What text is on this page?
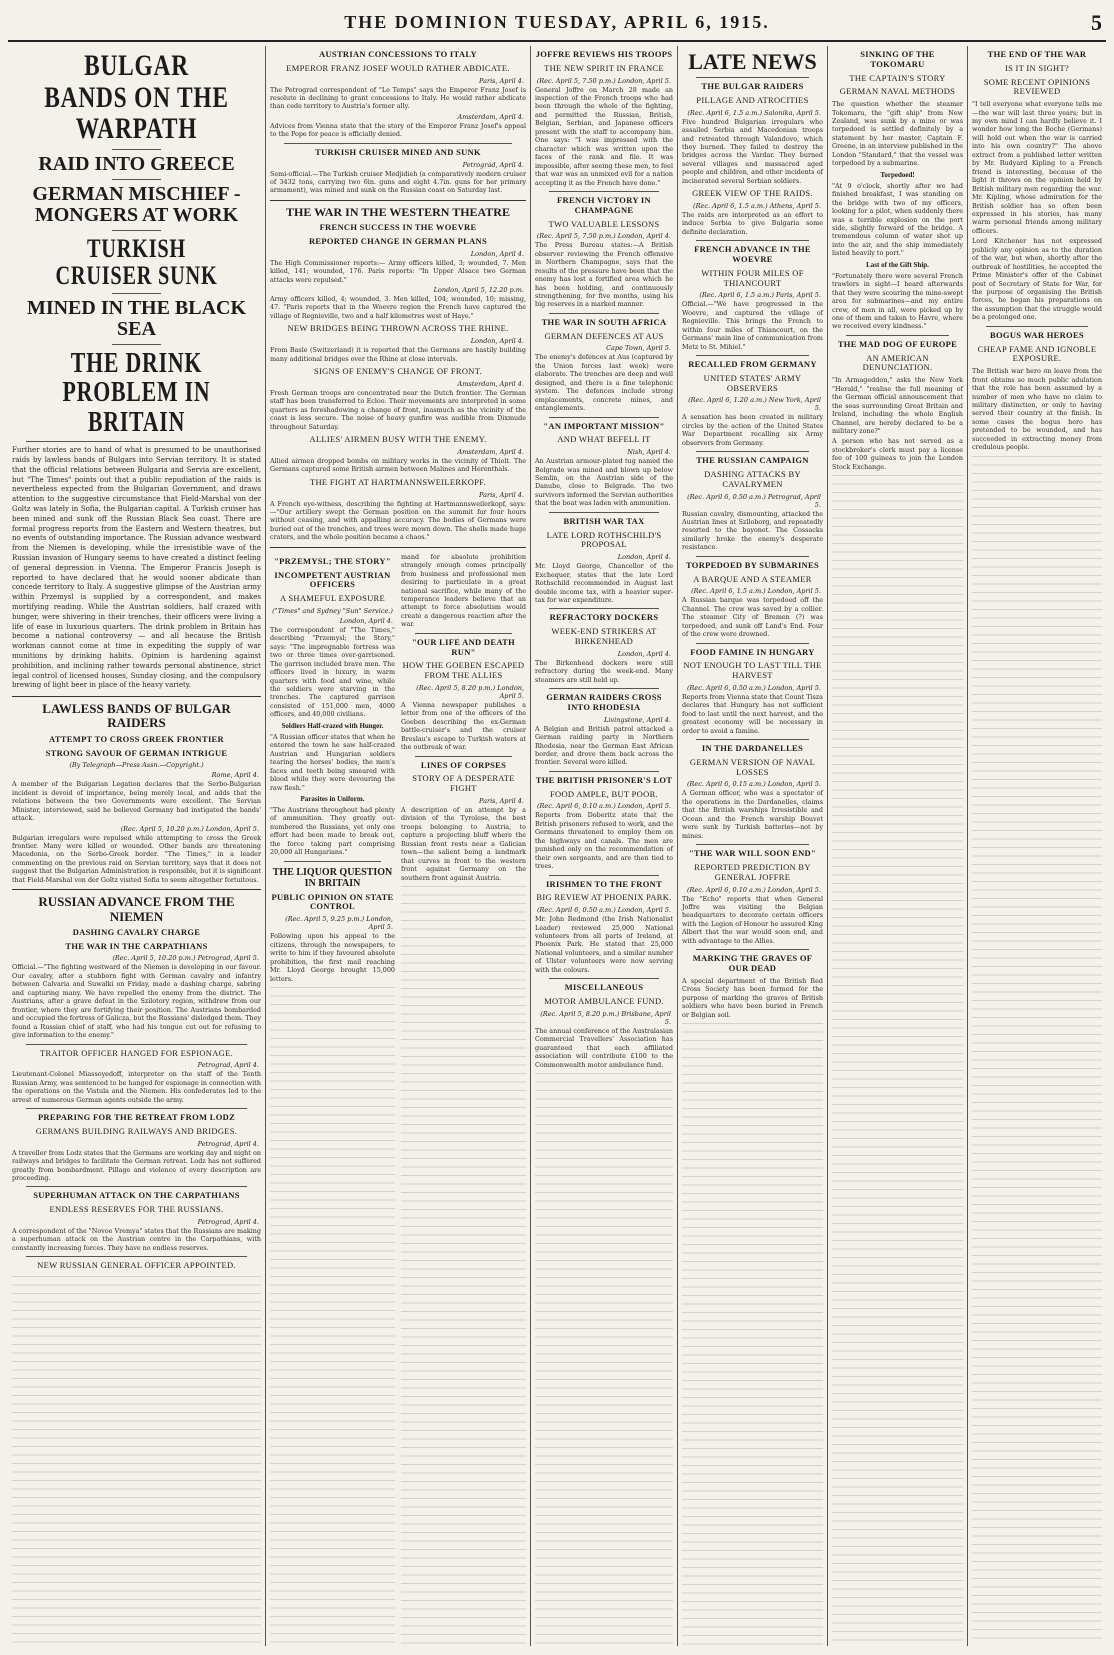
THE DOMINION TUESDAY, APRIL 6, 1915.	5
BULGAR BANDS ON THE WARPATH
RAID INTO GREECE
GERMAN MISCHIEF - MONGERS AT WORK
TURKISH CRUISER SUNK
MINED IN THE BLACK SEA
THE DRINK PROBLEM IN BRITAIN
Further stories are to hand of what is presumed to be unauthorised raids by lawless bands of Bulgars into Servian territory. It is stated that the official relations between Bulgaria and Servia are excellent, but "The Times" points out that a public repudiation of the raids is nevertheless expected from the Bulgarian Government, and draws attention to the suggestive circumstance that Field-Marshal von der Goltz was lately in Sofia, the Bulgarian capital. A Turkish cruiser has been mined and sunk off the Russian Black Sea coast. There are formal progress reports from the Eastern and Western theatres, but no events of outstanding importance. The Russian advance westward from the Niemen is developing, while the irresistible wave of the Russian invasion of Hungary seems to have created a distinct feeling of general depression in Vienna. The Emperor Francis Joseph is reported to have declared that he would sooner abdicate than concede territory to Italy. A suggestive glimpse of the Austrian army within Przemysl is supplied by a correspondent, and makes mortifying reading. While the Austrian soldiers, half crazed with hunger, were shivering in their trenches, their officers were living a life of ease in luxurious quarters. The drink problem in Britain has become a national controversy — and all because the British workman cannot come at time in expediting the supply of war munitions by drinking habits. Opinion is hardening against prohibition, and inclining rather towards personal abstinence, strict legal control of licensed houses, Sunday closing, and the compulsory brewing of light beer in place of the heavy variety.
LAWLESS BANDS OF BULGAR RAIDERS
ATTEMPT TO CROSS GREEK FRONTIER
STRONG SAVOUR OF GERMAN INTRIGUE
(By Telegraph—Press Assn.—Copyright.)
Rome, April 4.
A member of the Bulgarian Legation declares that the Serbo-Bulgarian incident is devoid of importance, being merely local, and adds that the relations between the two Governments were excellent. The Servian Minister, interviewed, said he believed Germany had instigated the bands' attack.
(Rec. April 5, 10.20 p.m.) London, April 5.
Bulgarian irregulars were repulsed while attempting to cross the Greek frontier. Many were killed or wounded. Other bands are threatening Macedonia, on the Serbo-Greek border. "The Times," in a leader commenting on the previous raid on Servian territory, says that it does not suggest that the Bulgarian Administration is responsible, but it is significant that Field-Marshal von der Goltz visited Sofia to seem altogether fortuitous.
RUSSIAN ADVANCE FROM THE NIEMEN
DASHING CAVALRY CHARGE
THE WAR IN THE CARPATHIANS
(Rec. April 5, 10.20 p.m.) Petrograd, April 5.
Official.—"The fighting westward of the Niemen is developing in our favour. Our cavalry, after a stubborn fight with German cavalry and infantry between Calvaria and Suwalki on Friday, made a dashing charge, sabring and capturing many. We have repelled the enemy from the district. The Austrians, after a grave defeat in the Szilotory region, withdrew from our frontier, where they are fortifying their position. The Austrians bombarded and occupied the fortress of Galicza, but the Russians' dislodged them. They found a Russian chief of staff, who had his tongue cut out for refusing to give information to the enemy."
TRAITOR OFFICER HANGED FOR ESPIONAGE.
Petrograd, April 4.
Lieutenant-Colonel Miassoyedoff, interpreter on the staff of the Tenth Russian Army, was sentenced to be hanged for espionage in connection with the operations on the Vistula and the Niemen. His confederates led to the arrest of numerous German agents outside the army.
PREPARING FOR THE RETREAT FROM LODZ
GERMANS BUILDING RAILWAYS AND BRIDGES.
Petrograd, April 4.
A traveller from Lodz states that the Germans are working day and night on railways and bridges to facilitate the German retreat. Lodz has not suffered greatly from bombardment. Pillage and violence of every description are proceeding.
SUPERHUMAN ATTACK ON THE CARPATHIANS
ENDLESS RESERVES FOR THE RUSSIANS.
Petrograd, April 4.
A correspondent of the "Novoe Vremya" states that the Russians are making a superhuman attack on the Austrian centre in the Carpathians, with constantly increasing forces. They have no endless reserves.
NEW RUSSIAN GENERAL OFFICER APPOINTED.
AUSTRIAN CONCESSIONS TO ITALY
EMPEROR FRANZ JOSEF WOULD RATHER ABDICATE.
Paris, April 4.
The Petrograd correspondent of "Le Temps" says the Emperor Franz Josef is resolute in declining to grant concessions to Italy. He would rather abdicate than cede territory to Austria's former ally.
Amsterdam, April 4.
Advices from Vienna state that the story of the Emperor Franz Josef's appeal to the Pope for peace is officially denied.
TURKISH CRUISER MINED AND SUNK
Petrograd, April 4.
Semi-official.—The Turkish cruiser Medjidieh (a comparatively modern cruiser of 3432 tons, carrying two 6in. guns and eight 4.7in. guns for her primary armament), was mined and sunk on the Russian coast on Saturday last.
THE WAR IN THE WESTERN THEATRE
FRENCH SUCCESS IN THE WOEVRE
REPORTED CHANGE IN GERMAN PLANS
London, April 4.
The High Commissioner reports:— Army officers killed, 3; wounded, 7. Men killed, 141; wounded, 176. Paris reports: "In Upper Alsace two German attacks were repulsed."
London, April 5, 12.20 p.m.
Army officers killed, 4; wounded, 3. Men killed, 104; wounded, 10; missing, 47. "Paris reports that in the Woevre region the French have captured the village of Regnieville, two and a half kilometres west of Haye."
NEW BRIDGES BEING THROWN ACROSS THE RHINE.
London, April 4.
From Basle (Switzerland) it is reported that the Germans are hastily building many additional bridges over the Rhine at close intervals.
SIGNS OF ENEMY'S CHANGE OF FRONT.
Amsterdam, April 4.
Fresh German troops are concentrated near the Dutch frontier. The German staff has been transferred to Ecloo. Their movements are interpreted in some quarters as foreshadowing a change of front, inasmuch as the vicinity of the coast is less secure. The noise of heavy gunfire was audible from Dixmude throughout Saturday.
ALLIES' AIRMEN BUSY WITH THE ENEMY.
Amsterdam, April 4.
Allied airmen dropped bombs on military works in the vicinity of Thielt. The Germans captured some British airmen between Malines and Herenthals.
THE FIGHT AT HARTMANNSWEILERKOPF.
Paris, April 4.
A French eye-witness, describing the fighting at Hartmannsweilerkopf, says:—"Our artillery swept the German position on the summit for four hours without ceasing, and with appalling accuracy. The bodies of Germans were buried out of the trenches, and trees were mown down. The shells made huge craters, and the whole position became a chaos."
"PRZEMYSL; THE STORY"
INCOMPETENT AUSTRIAN OFFICERS
A SHAMEFUL EXPOSURE
("Times" and Sydney "Sun" Service.)
London, April 4.
The correspondent of "The Times," describing "Przemysl; the Story," says: "The impregnable fortress was two or three times over-garrisoned. The garrison included brave men. The officers lived in luxury, in warm quarters with food and wine, while the soldiers were starving in the trenches. The captured garrison consisted of 151,000 men, 4000 officers, and 40,000 civilians.
Soldiers Half-crazed with Hunger.
"A Russian officer states that when he entered the town he saw half-crazed Austrian and Hungarian soldiers tearing the horses' bodies, the men's faces and teeth being smeared with blood while they were devouring the raw flesh."
Parasites in Uniform.
"The Austrians throughout had plenty of ammunition. They greatly out-numbered the Russians, yet only one effort had been made to break out, the force taking part comprising 20,000 all Hungarians."
THE LIQUOR QUESTION IN BRITAIN
PUBLIC OPINION ON STATE CONTROL
(Rec. April 5, 9.25 p.m.) London, April 5.
Following upon his appeal to the citizens, through the newspapers, to write to him if they favoured absolute prohibition, the first mail reaching Mr. Lloyd George brought 15,000 letters.
mand for absolute prohibition strangely enough comes principally from business and professional men desiring to particulate in a great national sacrifice, while many of the temperance leaders believe that an attempt to force absolutism would create a dangerous reaction after the war.
"OUR LIFE AND DEATH RUN"
HOW THE GOEBEN ESCAPED FROM THE ALLIES
(Rec. April 5, 8.20 p.m.) London, April 5.
A Vienna newspaper publishes a letter from one of the officers of the Goeben describing the ex-German battle-cruiser's and the cruiser Breslau's escape to Turkish waters at the outbreak of war.
LINES OF CORPSES
STORY OF A DESPERATE FIGHT
Paris, April 4.
A description of an attempt by a division of the Tyrolese, the best troops belonging to Austria, to capture a projecting bluff where the Russian front rests near a Galician town—the salient being a landmark that curves in front to the western front against Germany on the southern front against Austria.
JOFFRE REVIEWS HIS TROOPS
THE NEW SPIRIT IN FRANCE
(Rec. April 5, 7.50 p.m.) London, April 5.
General Joffre on March 28 made an inspection of the French troops who had been through the whole of the fighting, and permitted the Russian, British, Belgian, Serbian, and Japanese officers present with the staff to accompany him. One says: "I was impressed with the character which was written upon the faces of the rank and file. It was impossible, after seeing these men, to feel that war was an unmixed evil for a nation accepting it as the French have done."
FRENCH VICTORY IN CHAMPAGNE
TWO VALUABLE LESSONS
(Rec. April 5, 7.50 p.m.) London, April 4.
The Press Bureau states:—A British observer reviewing the French offensive in Northern Champagne, says that the results of the pressure have been that the enemy has lost a fortified area which he has been holding, and continuously strengthening, for five months, using his big reserves in a marked manner.
THE WAR IN SOUTH AFRICA
GERMAN DEFENCES AT AUS
Cape Town, April 5.
The enemy's defences at Aus (captured by the Union forces last week) were elaborate. The trenches are deep and well designed, and there is a fine telephonic system. The defences include strong emplacements, concrete mines, and entanglements.
"AN IMPORTANT MISSION"
AND WHAT BEFELL IT
Nish, April 4.
An Austrian armour-plated tug named the Belgrade was mined and blown up below Semlin, on the Austrian side of the Danube, close to Belgrade. The two survivors informed the Servian authorities that the boat was laden with ammunition.
BRITISH WAR TAX
LATE LORD ROTHSCHILD'S PROPOSAL
London, April 4.
Mr. Lloyd George, Chancellor of the Exchequer, states that the late Lord Rothschild recommended in August last double income tax, with a heavier super-tax for war expenditure.
REFRACTORY DOCKERS
WEEK-END STRIKERS AT BIRKENHEAD
London, April 4.
The Birkenhead dockers were still refractory during the week-end. Many steamers are still held up.
GERMAN RAIDERS CROSS INTO RHODESIA
Livingstone, April 4.
A Belgian and British patrol attacked a German raiding party in Northern Rhodesia, near the German East African border, and drove them back across the frontier. Several were killed.
THE BRITISH PRISONER'S LOT
FOOD AMPLE, BUT POOR.
(Rec. April 6, 0.10 a.m.) London, April 5.
Reports from Doberitz state that the British prisoners refused to work, and the Germans threatened to employ them on the highways and canals. The men are punished only on the recommendation of their own sergeants, and are then tied to trees.
IRISHMEN TO THE FRONT
BIG REVIEW AT PHOENIX PARK.
(Rec. April 6, 0.50 a.m.) London, April 5.
Mr. John Redmond (the Irish Nationalist Leader) reviewed 25,000 National volunteers from all parts of Ireland, at Phoenix Park. He stated that 25,000 National volunteers, and a similar number of Ulster volunteers were now serving with the colours.
MISCELLANEOUS
MOTOR AMBULANCE FUND.
(Rec. April 5, 8.20 p.m.) Brisbane, April 5.
The annual conference of the Australasian Commercial Travellers' Association has guaranteed that each affiliated association will contribute £100 to the Commonwealth motor ambulance fund.
LATE NEWS
THE BULGAR RAIDERS
PILLAGE AND ATROCITIES
(Rec. April 6, 1.5 a.m.) Salonika, April 5.
Five hundred Bulgarian irregulars who assailed Serbia and Macedonian troops and retreated through Valandovo, which they burned. They failed to destroy the bridges across the Vardar. They burned several villages and massacred aged people and children, and other incidents of incinerated several Serbian soldiers.
GREEK VIEW OF THE RAIDS.
(Rec. April 6, 1.5 a.m.) Athens, April 5.
The raids are interpreted as an effort to induce Serbia to give Bulgaria some definite declaration.
FRENCH ADVANCE IN THE WOEVRE
WITHIN FOUR MILES OF THIANCOURT
(Rec. April 6, 1.5 a.m.) Paris, April 5.
Official.—"We have progressed in the Woevre, and captured the village of Regnieville. This brings the French to within four miles of Thiancourt, on the Germans' main line of communication from Metz to St. Mihiel."
RECALLED FROM GERMANY
UNITED STATES' ARMY OBSERVERS
(Rec. April 6, 1.20 a.m.) New York, April 5.
A sensation has been created in military circles by the action of the United States War Department recalling six Army observers from Germany.
THE RUSSIAN CAMPAIGN
DASHING ATTACKS BY CAVALRYMEN
(Rec. April 6, 0.50 a.m.) Petrograd, April 5.
Russian cavalry, dismounting, attacked the Austrian lines at Szlloborg, and repeatedly resorted to the bayonet. The Cossacks similarly broke the enemy's desperate resistance.
TORPEDOED BY SUBMARINES
A BARQUE AND A STEAMER
(Rec. April 6, 1.5 a.m.) London, April 5.
A Russian barque was torpedoed off the Channel. The crew was saved by a collier. The steamer City of Bremen (?) was torpedoed, and sunk off Land's End. Four of the crew were drowned.
FOOD FAMINE IN HUNGARY
NOT ENOUGH TO LAST TILL THE HARVEST
(Rec. April 6, 0.50 a.m.) London, April 5.
Reports from Vienna state that Count Tisza declares that Hungary has not sufficient food to last until the next harvest, and the greatest economy will be necessary in order to avoid a famine.
IN THE DARDANELLES
GERMAN VERSION OF NAVAL LOSSES
(Rec. April 6, 0.15 a.m.) London, April 5.
A German officer, who was a spectator of the operations in the Dardanelles, claims that the British warships Irresistible and Ocean and the French warship Bouvet were sunk by Turkish batteries—not by mines.
"THE WAR WILL SOON END"
REPORTED PREDICTION BY GENERAL JOFFRE
(Rec. April 6, 0.10 a.m.) London, April 5.
The "Echo" reports that when General Joffre was visiting the Belgian headquarters to decorate certain officers with the Legion of Honour he assured King Albert that the war would soon end, and with advantage to the Allies.
MARKING THE GRAVES OF OUR DEAD
A special department of the British Red Cross Society has been formed for the purpose of marking the graves of British soldiers who have been buried in French or Belgian soil.
SINKING OF THE TOKOMARU
THE CAPTAIN'S STORY
GERMAN NAVAL METHODS
The question whether the steamer Tokomaru, the "gift ship" from New Zealand, was sunk by a mine or was torpedoed is settled definitely by a statement by her master, Captain F. Greene, in an interview published in the London "Standard," that the vessel was torpedoed by a submarine.
Torpedoed!
"At 9 o'clock, shortly after we had finished breakfast, I was standing on the bridge with two of my officers, looking for a pilot, when suddenly there was a terrible explosion on the port side, slightly forward of the bridge. A tremendous column of water shot up into the air, and the ship immediately listed heavily to port."
Last of the Gift Ship.
"Fortunately there were several French trawlers in sight—I heard afterwards that they were scouring the mine-swept area for submarines—and my entire crew, of men in all, were picked up by one of them and taken to Havre, where we received every kindness."
THE MAD DOG OF EUROPE
AN AMERICAN DENUNCIATION.
"In Armageddon," asks the New York "Herald," "realise the full meaning of the German official announcement that the seas surrounding Great Britain and Ireland, including the whole English Channel, are hereby declared to be a military zone?"
A person who has not served as a stockbroker's clerk must pay a license fee of 100 guineas to join the London Stock Exchange.
THE END OF THE WAR
IS IT IN SIGHT?
SOME RECENT OPINIONS REVIEWED
"I tell everyone what everyone tells me—the war will last three years; but in my own mind I can hardly believe it. I wonder how long the Boche (Germans) will hold out when the war is carried into his own country?" The above extract from a published letter written by Mr. Rudyard Kipling to a French friend is interesting, because of the light it throws on the opinion held by British military men regarding the war. Mr. Kipling, whose admiration for the British soldier has so often been expressed in his stories, has many warm personal friends among military officers.
Lord Kitchener has not expressed publicly any opinion as to the duration of the war, but when, shortly after the outbreak of hostilities, he accepted the Prime Minister's offer of the Cabinet post of Secretary of State for War, for the purpose of organising the British forces, he began his preparations on the assumption that the struggle would be a prolonged one.
BOGUS WAR HEROES
CHEAP FAME AND IGNOBLE EXPOSURE.
The British war hero on leave from the front obtains so much public adulation that the role has been assumed by a number of men who have no claim to military distinction, or only to having served their country at the finish. In some cases the bogus hero has pretended to be wounded, and has succeeded in extracting money from credulous people.
